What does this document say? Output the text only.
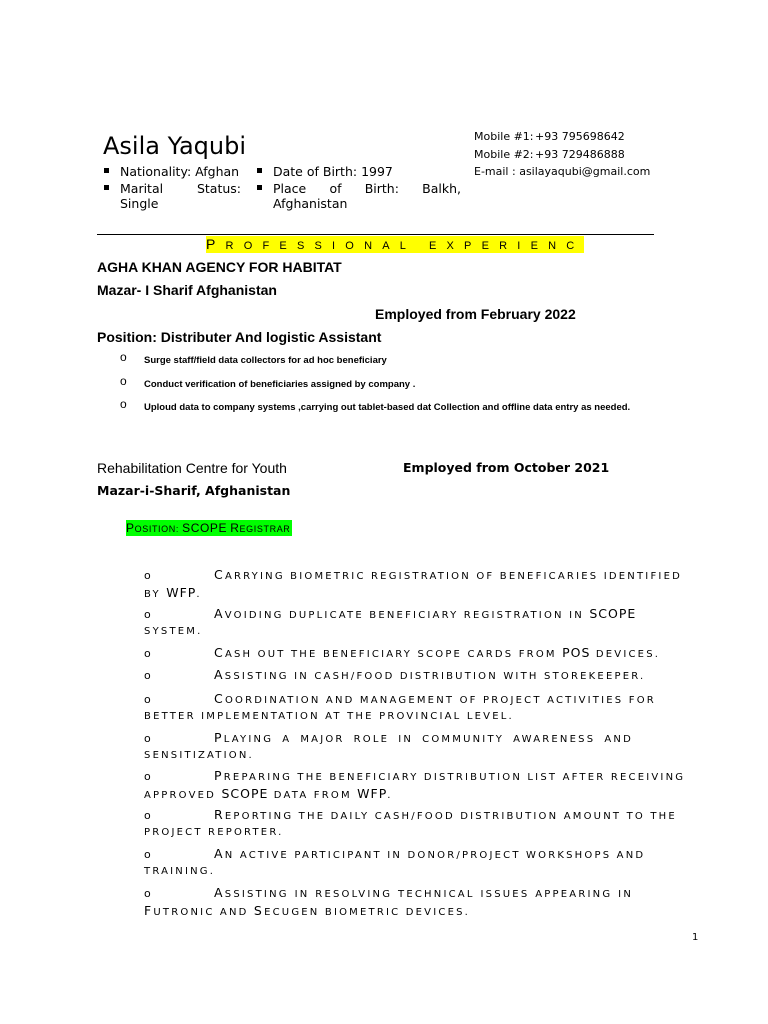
Asila Yaqubi
Nationality: Afghan
Marital	Status:
Single
Date of Birth: 1997
Place of Birth: Balkh,
Afghanistan
Mobile #1: +93 795698642
Mobile #2: +93 729486888
E-mail : asilayaqubi@gmail.com
PROFESSIONAL EXPERIENC
AGHA KHAN AGENCY FOR HABITAT
Mazar- I Sharif Afghanistan
Employed from February 2022
Position: Distributer And logistic Assistant
o Surge staff/field data collectors for ad hoc beneficiary
o Conduct verification of beneficiaries assigned by company .
o Uploud data to company systems ,carrying out tablet-based dat Collection and offline data entry as needed.
Rehabilitation Centre for Youth	Employed from October 2021
Mazar-i-Sharif, Afghanistan
POSITION: SCOPE REGISTRAR
o	CARRYING BIOMETRIC REGISTRATION OF BENEFICARIES IDENTIFIED
BY WFP.
o	AVOIDING DUPLICATE BENEFICIARY REGISTRATION IN SCOPE
SYSTEM.
o	CASH OUT THE BENEFICIARY SCOPE CARDS FROM POS DEVICES.
o	ASSISTING IN CASH/FOOD DISTRIBUTION WITH STOREKEEPER.
o	COORDINATION AND MANAGEMENT OF PROJECT ACTIVITIES FOR
BETTER IMPLEMENTATION AT THE PROVINCIAL LEVEL.
o	PLAYING A MAJOR ROLE IN COMMUNITY AWARENESS AND
SENSITIZATION.
o	PREPARING THE BENEFICIARY DISTRIBUTION LIST AFTER RECEIVING
APPROVED SCOPE DATA FROM WFP.
o	REPORTING THE DAILY CASH/FOOD DISTRIBUTION AMOUNT TO THE
PROJECT REPORTER.
o	AN ACTIVE PARTICIPANT IN DONOR/PROJECT WORKSHOPS AND
TRAINING.
o	ASSISTING IN RESOLVING TECHNICAL ISSUES APPEARING IN
FUTRONIC AND SECUGEN BIOMETRIC DEVICES.
1
